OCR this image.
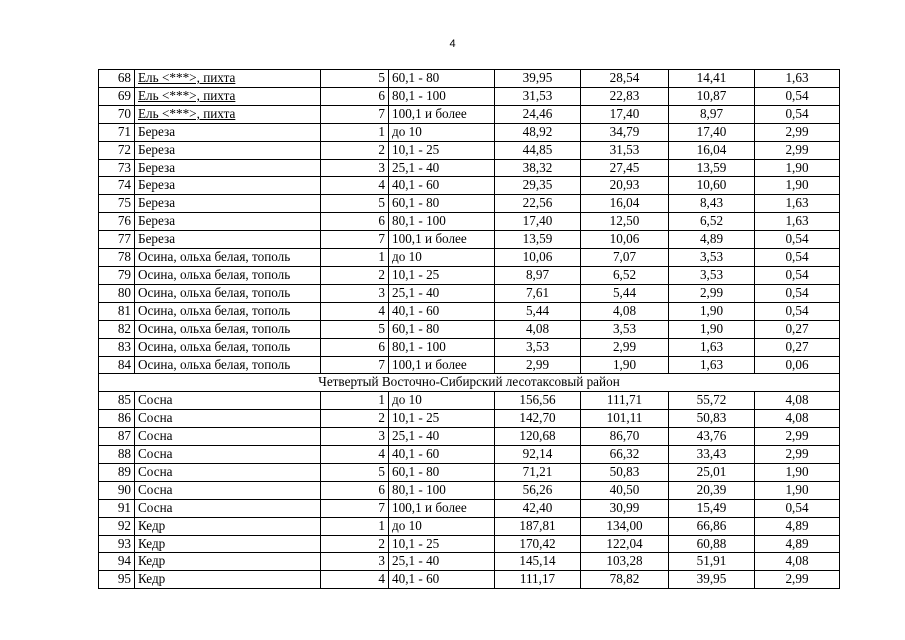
4
68	Ель <***>, пихта	5	60,1 - 80	39,95	28,54	14,41	1,63
69	Ель <***>, пихта	6	80,1 - 100	31,53	22,83	10,87	0,54
70	Ель <***>, пихта	7	100,1 и более	24,46	17,40	8,97	0,54
71	Береза	1	до 10	48,92	34,79	17,40	2,99
72	Береза	2	10,1 - 25	44,85	31,53	16,04	2,99
73	Береза	3	25,1 - 40	38,32	27,45	13,59	1,90
74	Береза	4	40,1 - 60	29,35	20,93	10,60	1,90
75	Береза	5	60,1 - 80	22,56	16,04	8,43	1,63
76	Береза	6	80,1 - 100	17,40	12,50	6,52	1,63
77	Береза	7	100,1 и более	13,59	10,06	4,89	0,54
78	Осина, ольха белая, тополь	1	до 10	10,06	7,07	3,53	0,54
79	Осина, ольха белая, тополь	2	10,1 - 25	8,97	6,52	3,53	0,54
80	Осина, ольха белая, тополь	3	25,1 - 40	7,61	5,44	2,99	0,54
81	Осина, ольха белая, тополь	4	40,1 - 60	5,44	4,08	1,90	0,54
82	Осина, ольха белая, тополь	5	60,1 - 80	4,08	3,53	1,90	0,27
83	Осина, ольха белая, тополь	6	80,1 - 100	3,53	2,99	1,63	0,27
84	Осина, ольха белая, тополь	7	100,1 и более	2,99	1,90	1,63	0,06
Четвертый Восточно-Сибирский лесотаксовый район							
85	Сосна	1	до 10	156,56	111,71	55,72	4,08
86	Сосна	2	10,1 - 25	142,70	101,11	50,83	4,08
87	Сосна	3	25,1 - 40	120,68	86,70	43,76	2,99
88	Сосна	4	40,1 - 60	92,14	66,32	33,43	2,99
89	Сосна	5	60,1 - 80	71,21	50,83	25,01	1,90
90	Сосна	6	80,1 - 100	56,26	40,50	20,39	1,90
91	Сосна	7	100,1 и более	42,40	30,99	15,49	0,54
92	Кедр	1	до 10	187,81	134,00	66,86	4,89
93	Кедр	2	10,1 - 25	170,42	122,04	60,88	4,89
94	Кедр	3	25,1 - 40	145,14	103,28	51,91	4,08
95	Кедр	4	40,1 - 60	111,17	78,82	39,95	2,99
